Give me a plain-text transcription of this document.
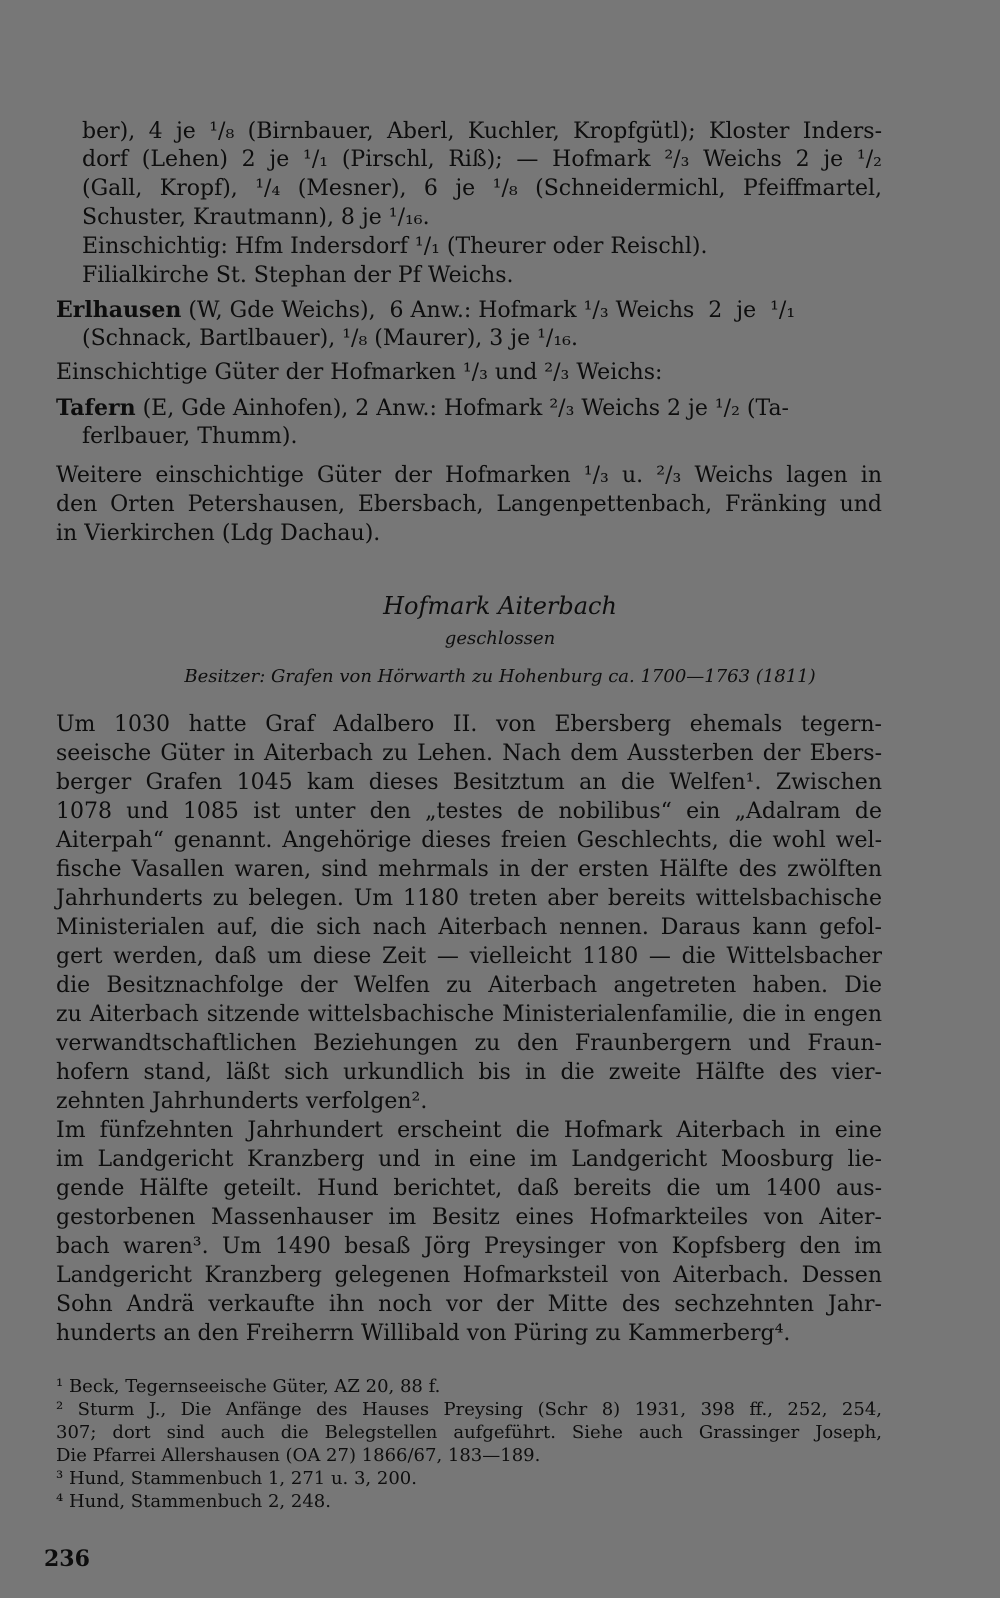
ber), 4 je ¹/₈ (Birnbauer, Aberl, Kuchler, Kropfgütl); Kloster Inders-
dorf (Lehen) 2 je ¹/₁ (Pirschl, Riß); — Hofmark ²/₃ Weichs 2 je ¹/₂
(Gall, Kropf), ¹/₄ (Mesner), 6 je ¹/₈ (Schneidermichl, Pfeiffmartel,
Schuster, Krautmann), 8 je ¹/₁₆.
Einschichtig: Hfm Indersdorf ¹/₁ (Theurer oder Reischl).
Filialkirche St. Stephan der Pf Weichs.
Erlhausen (W, Gde Weichs),  6 Anw.: Hofmark ¹/₃ Weichs  2  je  ¹/₁
(Schnack, Bartlbauer), ¹/₈ (Maurer), 3 je ¹/₁₆.
Einschichtige Güter der Hofmarken ¹/₃ und ²/₃ Weichs:
Tafern (E, Gde Ainhofen), 2 Anw.: Hofmark ²/₃ Weichs 2 je ¹/₂ (Ta-
ferlbauer, Thumm).
Weitere einschichtige Güter der Hofmarken ¹/₃ u. ²/₃ Weichs lagen in
den Orten Petershausen, Ebersbach, Langenpettenbach, Fränking und
in Vierkirchen (Ldg Dachau).
Hofmark Aiterbach
geschlossen
Besitzer: Grafen von Hörwarth zu Hohenburg ca. 1700—1763 (1811)
Um 1030 hatte Graf Adalbero II. von Ebersberg ehemals tegern-
seeische Güter in Aiterbach zu Lehen. Nach dem Aussterben der Ebers-
berger Grafen 1045 kam dieses Besitztum an die Welfen¹. Zwischen
1078 und 1085 ist unter den „testes de nobilibus“ ein „Adalram de
Aiterpah“ genannt. Angehörige dieses freien Geschlechts, die wohl wel-
fische Vasallen waren, sind mehrmals in der ersten Hälfte des zwölften
Jahrhunderts zu belegen. Um 1180 treten aber bereits wittelsbachische
Ministerialen auf, die sich nach Aiterbach nennen. Daraus kann gefol-
gert werden, daß um diese Zeit — vielleicht 1180 — die Wittelsbacher
die Besitznachfolge der Welfen zu Aiterbach angetreten haben. Die
zu Aiterbach sitzende wittelsbachische Ministerialenfamilie, die in engen
verwandtschaftlichen Beziehungen zu den Fraunbergern und Fraun-
hofern stand, läßt sich urkundlich bis in die zweite Hälfte des vier-
zehnten Jahrhunderts verfolgen².
Im fünfzehnten Jahrhundert erscheint die Hofmark Aiterbach in eine
im Landgericht Kranzberg und in eine im Landgericht Moosburg lie-
gende Hälfte geteilt. Hund berichtet, daß bereits die um 1400 aus-
gestorbenen Massenhauser im Besitz eines Hofmarkteiles von Aiter-
bach waren³. Um 1490 besaß Jörg Preysinger von Kopfsberg den im
Landgericht Kranzberg gelegenen Hofmarksteil von Aiterbach. Dessen
Sohn Andrä verkaufte ihn noch vor der Mitte des sechzehnten Jahr-
hunderts an den Freiherrn Willibald von Püring zu Kammerberg⁴.
¹ Beck, Tegernseeische Güter, AZ 20, 88 f.
² Sturm J., Die Anfänge des Hauses Preysing (Schr 8) 1931, 398 ff., 252, 254,
307; dort sind auch die Belegstellen aufgeführt. Siehe auch Grassinger Joseph,
Die Pfarrei Allershausen (OA 27) 1866/67, 183—189.
³ Hund, Stammenbuch 1, 271 u. 3, 200.
⁴ Hund, Stammenbuch 2, 248.
236
